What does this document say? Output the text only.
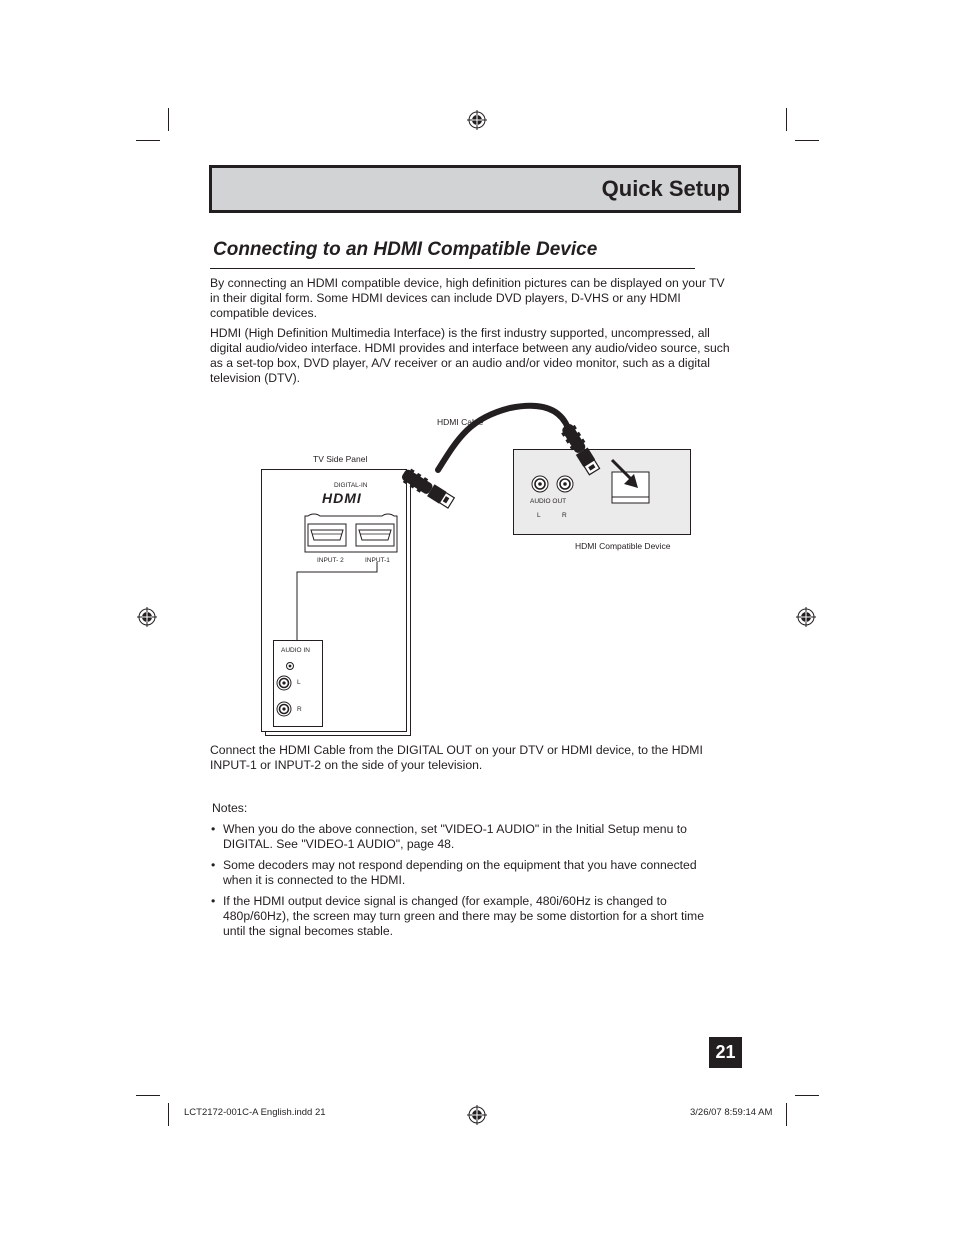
Quick Setup
Connecting to an HDMI Compatible Device
By connecting an HDMI compatible device, high definition pictures can be displayed on your TV in their digital form. Some HDMI devices can include DVD players, D-VHS or any HDMI compatible devices.
HDMI (High Definition Multimedia Interface) is the first industry supported, uncompressed, all digital audio/video interface. HDMI provides and interface between any audio/video source, such as a set-top box, DVD player, A/V receiver or an audio and/or video monitor, such as a digital television (DTV).
HDMI Cable
TV Side Panel
DIGITAL-IN
HDMI
INPUT- 2	INPUT-1
AUDIO IN
L
R
AUDIO OUT
L	R
HDMI Compatible Device
Connect the HDMI Cable from the DIGITAL OUT on your DTV or HDMI device, to the HDMI INPUT-1 or INPUT-2 on the side of your television.
Notes:
• When you do the above connection, set "VIDEO-1 AUDIO" in the Initial Setup menu to DIGITAL. See "VIDEO-1 AUDIO", page 48.
• Some decoders may not respond depending on the equipment that you have connected when it is connected to the HDMI.
• If the HDMI output device signal is changed (for example, 480i/60Hz is changed to 480p/60Hz), the screen may turn green and there may be some distortion for a short time until the signal becomes stable.
21
LCT2172-001C-A English.indd 21	3/26/07 8:59:14 AM
